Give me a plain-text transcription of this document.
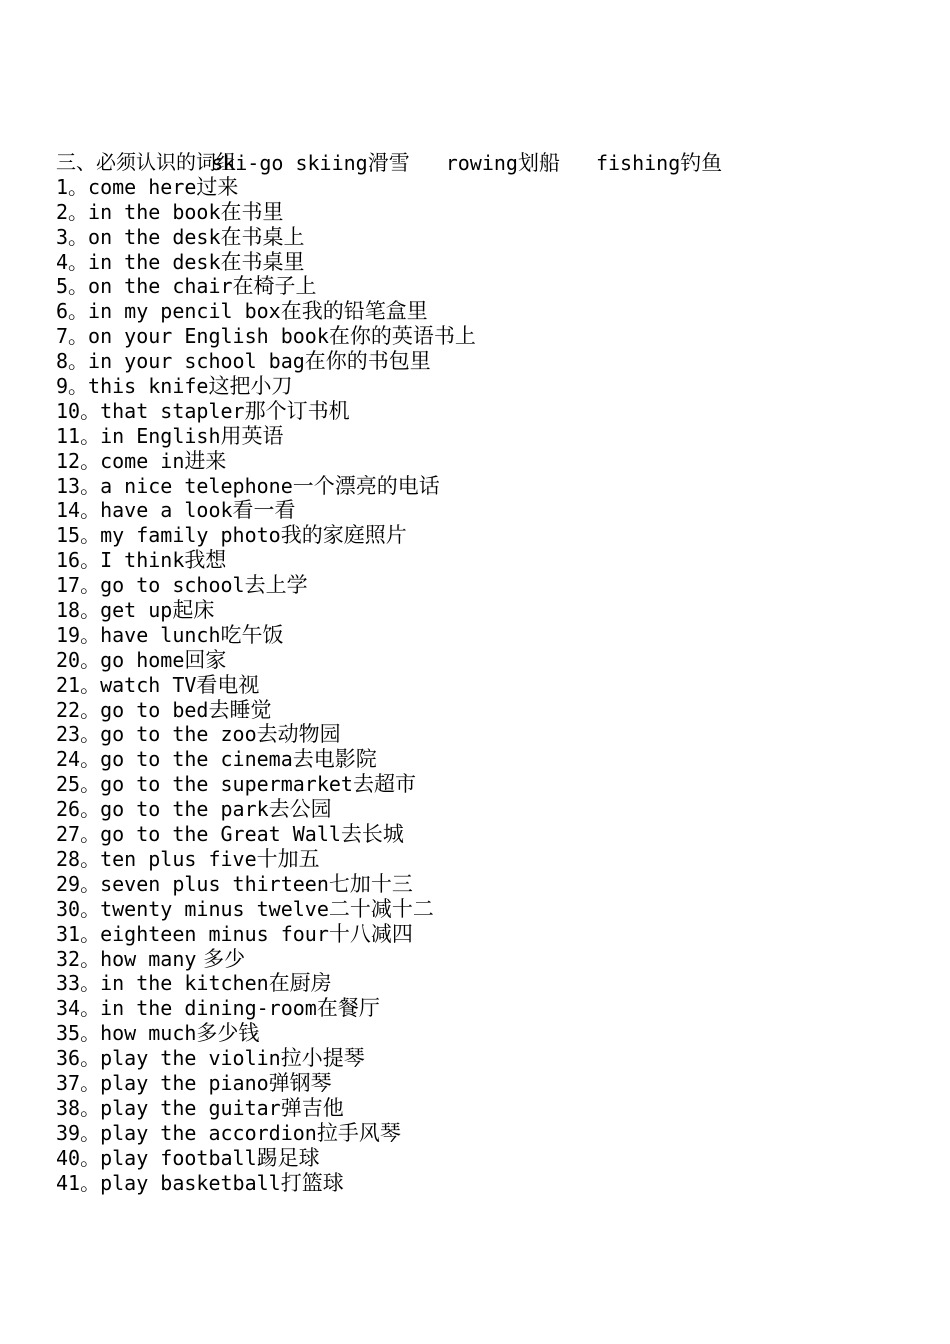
ski-go skiing滑雪 rowing划船 fishing钓鱼

三、必须认识的词组
1。come here过来
2。in the book在书里
3。on the desk在书桌上
4。in the desk在书桌里
5。on the chair在椅子上
6。in my pencil box在我的铅笔盒里
7。on your English book在你的英语书上
8。in your school bag在你的书包里
9。this knife这把小刀
10。that stapler那个订书机
11。in English用英语
12。come in进来
13。a nice telephone一个漂亮的电话
14。have a look看一看
15。my family photo我的家庭照片
16。I think我想
17。go to school去上学
18。get up起床
19。have lunch吃午饭
20。go home回家
21。watch TV看电视
22。go to bed去睡觉
23。go to the zoo去动物园
24。go to the cinema去电影院
25。go to the supermarket去超市
26。go to the park去公园
27。go to the Great Wall去长城
28。ten plus five十加五
29。seven plus thirteen七加十三
30。twenty minus twelve二十减十二
31。eighteen minus four十八减四
32。how many 多少
33。in the kitchen在厨房
34。in the dining-room在餐厅
35。how much多少钱
36。play the violin拉小提琴
37。play the piano弹钢琴
38。play the guitar弹吉他
39。play the accordion拉手风琴
40。play football踢足球
41。play basketball打篮球
